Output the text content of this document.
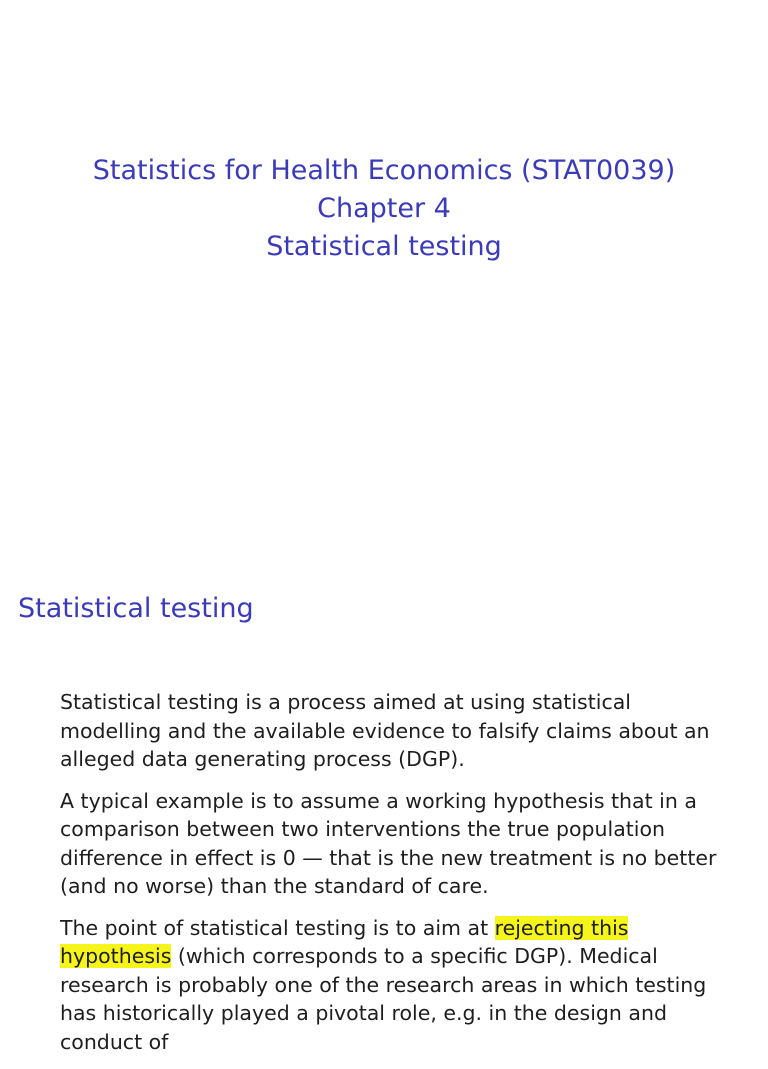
Statistics for Health Economics (STAT0039)
Chapter 4
Statistical testing
Statistical testing

Statistical testing is a process aimed at using statistical modelling and the available evidence to falsify claims about an alleged data generating process (DGP).

A typical example is to assume a working hypothesis that in a comparison between two interventions the true population difference in effect is 0 — that is the new treatment is no better (and no worse) than the standard of care.

The point of statistical testing is to aim at rejecting this hypothesis (which corresponds to a specific DGP). Medical research is probably one of the research areas in which testing has historically played a pivotal role, e.g. in the design and conduct of
